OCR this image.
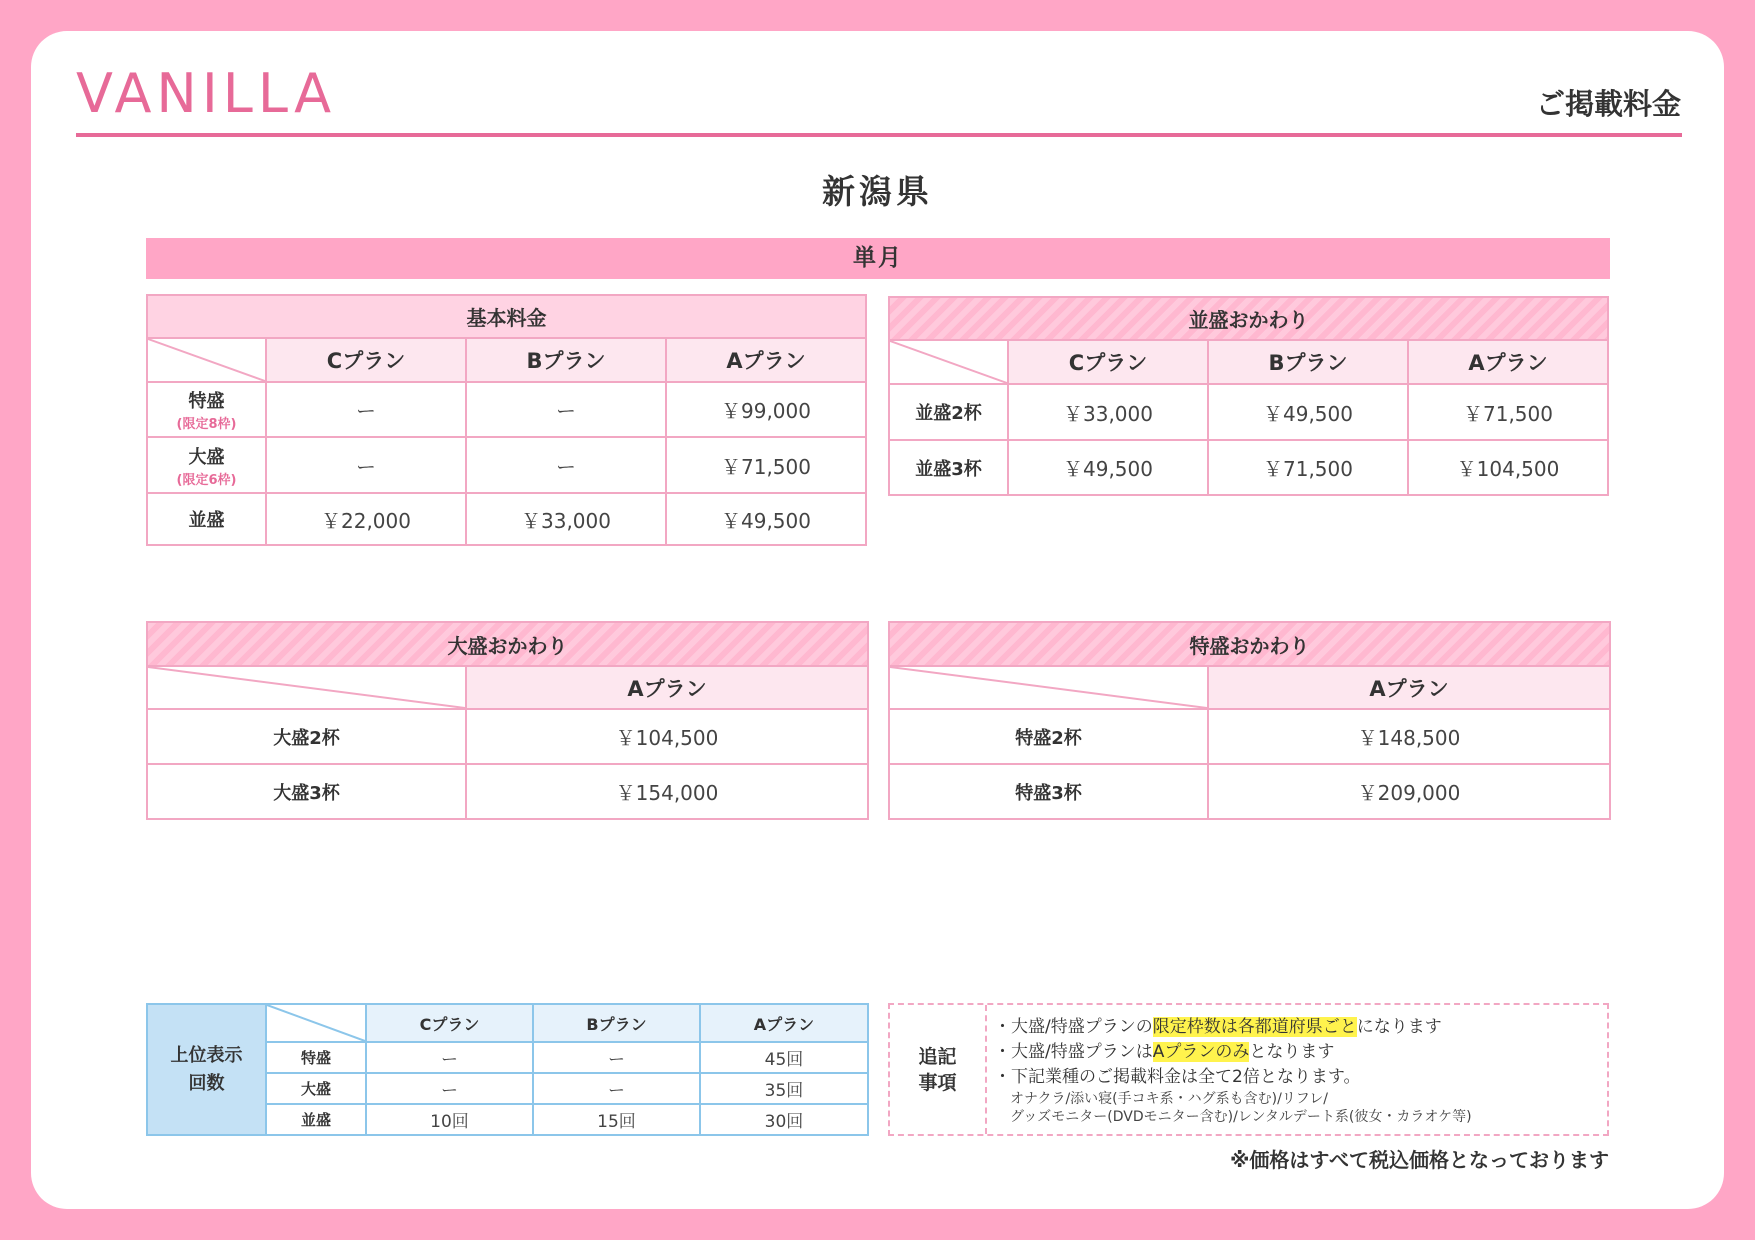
VANILLA	ご掲載料金
新潟県
単月
基本料金			

	Cプラン	Bプラン	Aプラン
特盛
(限定8枠)	ー	ー	￥99,000
大盛
(限定6枠)	ー	ー	￥71,500
並盛	￥22,000	￥33,000	￥49,500
並盛おかわり			

	Cプラン	Bプラン	Aプラン
並盛2杯	￥33,000	￥49,500	￥71,500
並盛3杯	￥49,500	￥71,500	￥104,500
大盛おかわり	

	Aプラン
大盛2杯	￥104,500
大盛3杯	￥154,000
特盛おかわり	

	Aプラン
特盛2杯	￥148,500
特盛3杯	￥209,000
上位表示
回数		Cプラン	Bプラン	Aプラン
	特盛	ー	ー	45回
	大盛	ー	ー	35回
	並盛	10回	15回	30回
追記
事項
・大盛/特盛プランの限定枠数は各都道府県ごとになります
・大盛/特盛プランはAプランのみとなります
・下記業種のご掲載料金は全て2倍となります。
オナクラ/添い寝(手コキ系・ハグ系も含む)/リフレ/
グッズモニター(DVDモニター含む)/レンタルデート系(彼女・カラオケ等)
※価格はすべて税込価格となっております
